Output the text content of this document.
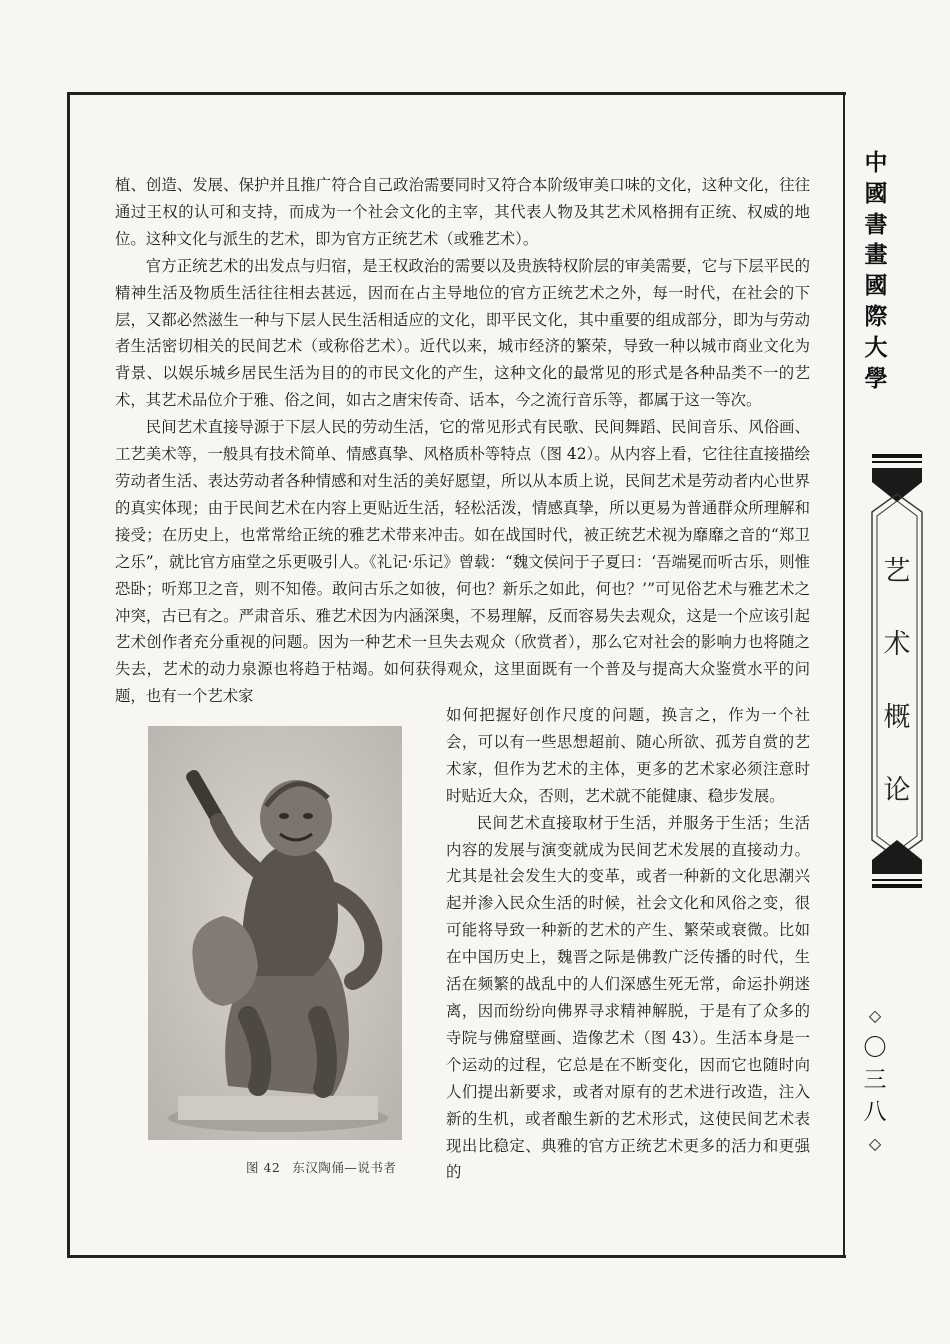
植、创造、发展、保护并且推广符合自己政治需要同时又符合本阶级审美口味的文化，这种文化，往往通过王权的认可和支持，而成为一个社会文化的主宰，其代表人物及其艺术风格拥有正统、权威的地位。这种文化与派生的艺术，即为官方正统艺术（或雅艺术）。

官方正统艺术的出发点与归宿，是王权政治的需要以及贵族特权阶层的审美需要，它与下层平民的精神生活及物质生活往往相去甚远，因而在占主导地位的官方正统艺术之外，每一时代，在社会的下层，又都必然滋生一种与下层人民生活相适应的文化，即平民文化，其中重要的组成部分，即为与劳动者生活密切相关的民间艺术（或称俗艺术）。近代以来，城市经济的繁荣，导致一种以城市商业文化为背景、以娱乐城乡居民生活为目的的市民文化的产生，这种文化的最常见的形式是各种品类不一的艺术，其艺术品位介于雅、俗之间，如古之唐宋传奇、话本，今之流行音乐等，都属于这一等次。

民间艺术直接导源于下层人民的劳动生活，它的常见形式有民歌、民间舞蹈、民间音乐、风俗画、工艺美术等，一般具有技术简单、情感真挚、风格质朴等特点（图 42）。从内容上看，它往往直接描绘劳动者生活、表达劳动者各种情感和对生活的美好愿望，所以从本质上说，民间艺术是劳动者内心世界的真实体现；由于民间艺术在内容上更贴近生活，轻松活泼，情感真挚，所以更易为普通群众所理解和接受；在历史上，也常常给正统的雅艺术带来冲击。如在战国时代，被正统艺术视为靡靡之音的“郑卫之乐”，就比官方庙堂之乐更吸引人。《礼记·乐记》曾载：“魏文侯问于子夏曰：‘吾端冕而听古乐，则惟恐卧；听郑卫之音，则不知倦。敢问古乐之如彼，何也？新乐之如此，何也？’”可见俗艺术与雅艺术之冲突，古已有之。严肃音乐、雅艺术因为内涵深奥，不易理解，反而容易失去观众，这是一个应该引起艺术创作者充分重视的问题。因为一种艺术一旦失去观众（欣赏者），那么它对社会的影响力也将随之失去，艺术的动力泉源也将趋于枯竭。如何获得观众，这里面既有一个普及与提高大众鉴赏水平的问题，也有一个艺术家

如何把握好创作尺度的问题，换言之，作为一个社会，可以有一些思想超前、随心所欲、孤芳自赏的艺术家，但作为艺术的主体，更多的艺术家必须注意时时贴近大众，否则，艺术就不能健康、稳步发展。

民间艺术直接取材于生活，并服务于生活；生活内容的发展与演变就成为民间艺术发展的直接动力。尤其是社会发生大的变革，或者一种新的文化思潮兴起并渗入民众生活的时候，社会文化和风俗之变，很可能将导致一种新的艺术的产生、繁荣或衰微。比如在中国历史上，魏晋之际是佛教广泛传播的时代，生活在频繁的战乱中的人们深感生死无常，命运扑朔迷离，因而纷纷向佛界寻求精神解脱，于是有了众多的寺院与佛窟壁画、造像艺术（图 43）。生活本身是一个运动的过程，它总是在不断变化，因而它也随时向人们提出新要求，或者对原有的艺术进行改造，注入新的生机，或者酿生新的艺术形式，这使民间艺术表现出比稳定、典雅的官方正统艺术更多的活力和更强的

图 42 东汉陶俑—说书者
中
國
書
畫
國
際
大
學
艺
术
概
论
◇
〇
三
八
◇
